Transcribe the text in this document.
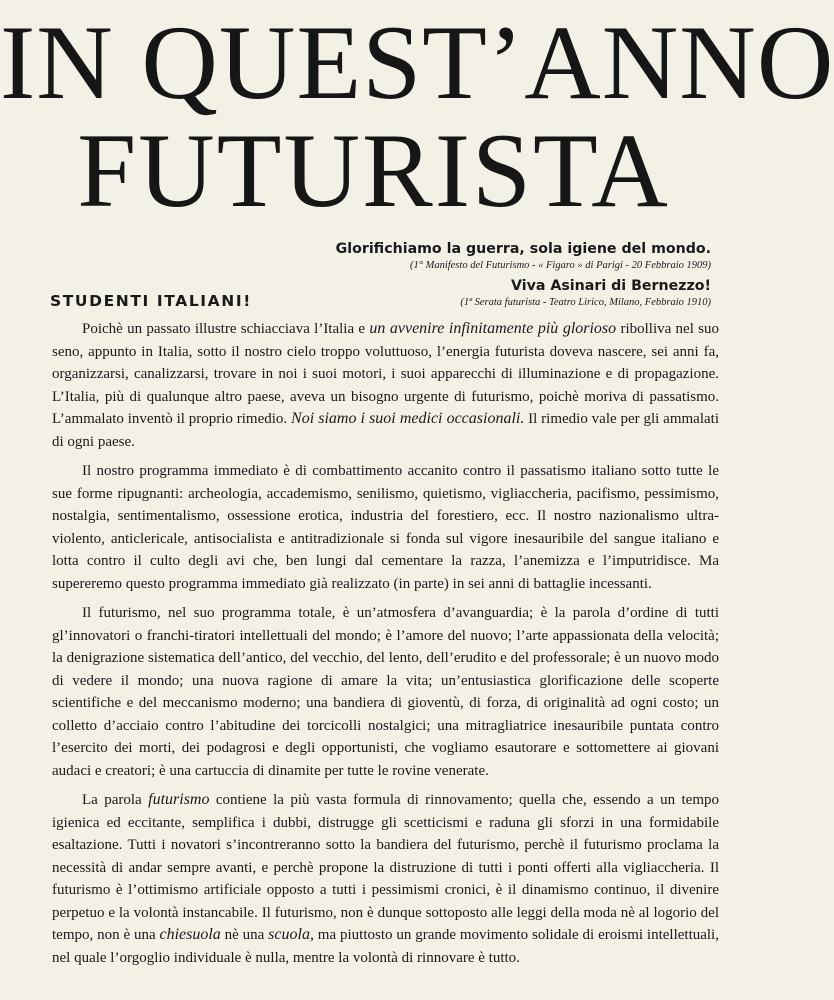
IN QUEST’ANNO
FUTURISTA
Glorifichiamo la guerra, sola igiene del mondo.
(1° Manifesto del Futurismo - « Figaro » di Parigi - 20 Febbraio 1909)
Viva Asinari di Bernezzo!
(1ª Serata futurista - Teatro Lirico, Milano, Febbraio 1910)
STUDENTI ITALIANI!

Poichè un passato illustre schiacciava l’Italia e un avvenire infinitamente più glorioso ribolliva nel suo seno, appunto in Italia, sotto il nostro cielo troppo voluttuoso, l’energia futurista doveva nascere, sei anni fa, organizzarsi, canalizzarsi, trovare in noi i suoi motori, i suoi apparecchi di illuminazione e di propagazione. L’Italia, più di qualunque altro paese, aveva un bisogno urgente di futurismo, poichè moriva di passatismo. L’ammalato inventò il proprio rimedio. Noi siamo i suoi medici occasionali. Il rimedio vale per gli ammalati di ogni paese.

Il nostro programma immediato è di combattimento accanito contro il passatismo italiano sotto tutte le sue forme ripugnanti: archeologia, accademismo, senilismo, quietismo, vigliaccheria, pacifismo, pessimismo, nostalgia, sentimentalismo, ossessione erotica, industria del forestiero, ecc. Il nostro nazionalismo ultra-violento, anticlericale, antisocialista e antitradizionale si fonda sul vigore inesauribile del sangue italiano e lotta contro il culto degli avi che, ben lungi dal cementare la razza, l’anemizza e l’imputridisce. Ma supereremo questo programma immediato già realizzato (in parte) in sei anni di battaglie incessanti.

Il futurismo, nel suo programma totale, è un’atmosfera d’avanguardia; è la parola d’ordine di tutti gl’innovatori o franchi-tiratori intellettuali del mondo; è l’amore del nuovo; l’arte appassionata della velocità; la denigrazione sistematica dell’antico, del vecchio, del lento, dell’erudito e del professorale; è un nuovo modo di vedere il mondo; una nuova ragione di amare la vita; un’entusiastica glorificazione delle scoperte scientifiche e del meccanismo moderno; una bandiera di gioventù, di forza, di originalità ad ogni costo; un colletto d’acciaio contro l’abitudine dei torcicolli nostalgici; una mitragliatrice inesauribile puntata contro l’esercito dei morti, dei podagrosi e degli opportunisti, che vogliamo esautorare e sottomettere ai giovani audaci e creatori; è una cartuccia di dinamite per tutte le rovine venerate.

La parola futurismo contiene la più vasta formula di rinnovamento; quella che, essendo a un tempo igienica ed eccitante, semplifica i dubbi, distrugge gli scetticismi e raduna gli sforzi in una formidabile esaltazione. Tutti i novatori s’incontreranno sotto la bandiera del futurismo, perchè il futurismo proclama la necessità di andar sempre avanti, e perchè propone la distruzione di tutti i ponti offerti alla vigliaccheria. Il futurismo è l’ottimismo artificiale opposto a tutti i pessimismi cronici, è il dinamismo continuo, il divenire perpetuo e la volontà instancabile. Il futurismo, non è dunque sottoposto alle leggi della moda nè al logorio del tempo, non è una chiesuola nè una scuola, ma piuttosto un grande movimento solidale di eroismi intellettuali, nel quale l’orgoglio individuale è nulla, mentre la volontà di rinnovare è tutto.
